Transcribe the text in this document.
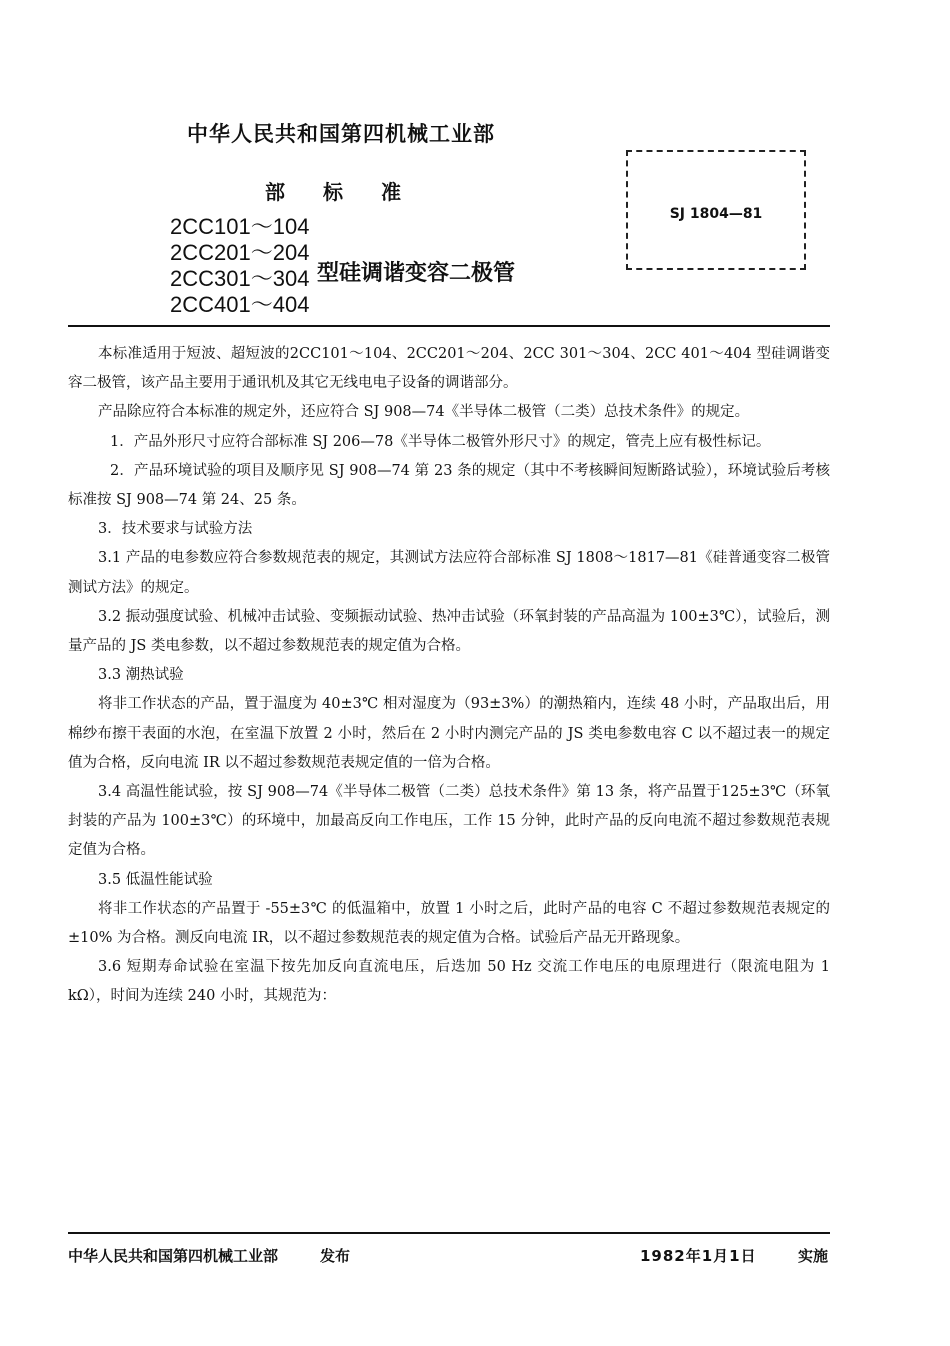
中华人民共和国第四机械工业部
部标准
SJ 1804—81
2CC101～104
2CC201～204
2CC301～304
2CC401～404
型硅调谐变容二极管

本标准适用于短波、超短波的2CC101～104、2CC201～204、2CC 301～304、2CC 401～404 型硅调谐变容二极管，该产品主要用于通讯机及其它无线电电子设备的调谐部分。

产品除应符合本标准的规定外，还应符合 SJ 908—74《半导体二极管（二类）总技术条件》的规定。

1．产品外形尺寸应符合部标准 SJ 206—78《半导体二极管外形尺寸》的规定，管壳上应有极性标记。

2．产品环境试验的项目及顺序见 SJ 908—74 第 23 条的规定（其中不考核瞬间短断路试验），环境试验后考核标准按 SJ 908—74 第 24、25 条。

3．技术要求与试验方法

3.1 产品的电参数应符合参数规范表的规定，其测试方法应符合部标准 SJ 1808～1817—81《硅普通变容二极管测试方法》的规定。

3.2 振动强度试验、机械冲击试验、变频振动试验、热冲击试验（环氧封装的产品高温为 100±3℃），试验后，测量产品的 JS 类电参数，以不超过参数规范表的规定值为合格。

3.3 潮热试验

将非工作状态的产品，置于温度为 40±3℃ 相对湿度为（93±3%）的潮热箱内，连续 48 小时，产品取出后，用棉纱布擦干表面的水泡，在室温下放置 2 小时，然后在 2 小时内测完产品的 JS 类电参数电容 C 以不超过表一的规定值为合格，反向电流 IR 以不超过参数规范表规定值的一倍为合格。

3.4 高温性能试验，按 SJ 908—74《半导体二极管（二类）总技术条件》第 13 条，将产品置于125±3℃（环氧封装的产品为 100±3℃）的环境中，加最高反向工作电压，工作 15 分钟，此时产品的反向电流不超过参数规范表规定值为合格。

3.5 低温性能试验

将非工作状态的产品置于 -55±3℃ 的低温箱中，放置 1 小时之后，此时产品的电容 C 不超过参数规范表规定的 ±10% 为合格。测反向电流 IR，以不超过参数规范表的规定值为合格。试验后产品无开路现象。

3.6 短期寿命试验在室温下按先加反向直流电压，后迭加 50 Hz 交流工作电压的电原理进行（限流电阻为 1 kΩ），时间为连续 240 小时，其规范为：

中华人民共和国第四机械工业部	发布	1982年1月1日	实施
